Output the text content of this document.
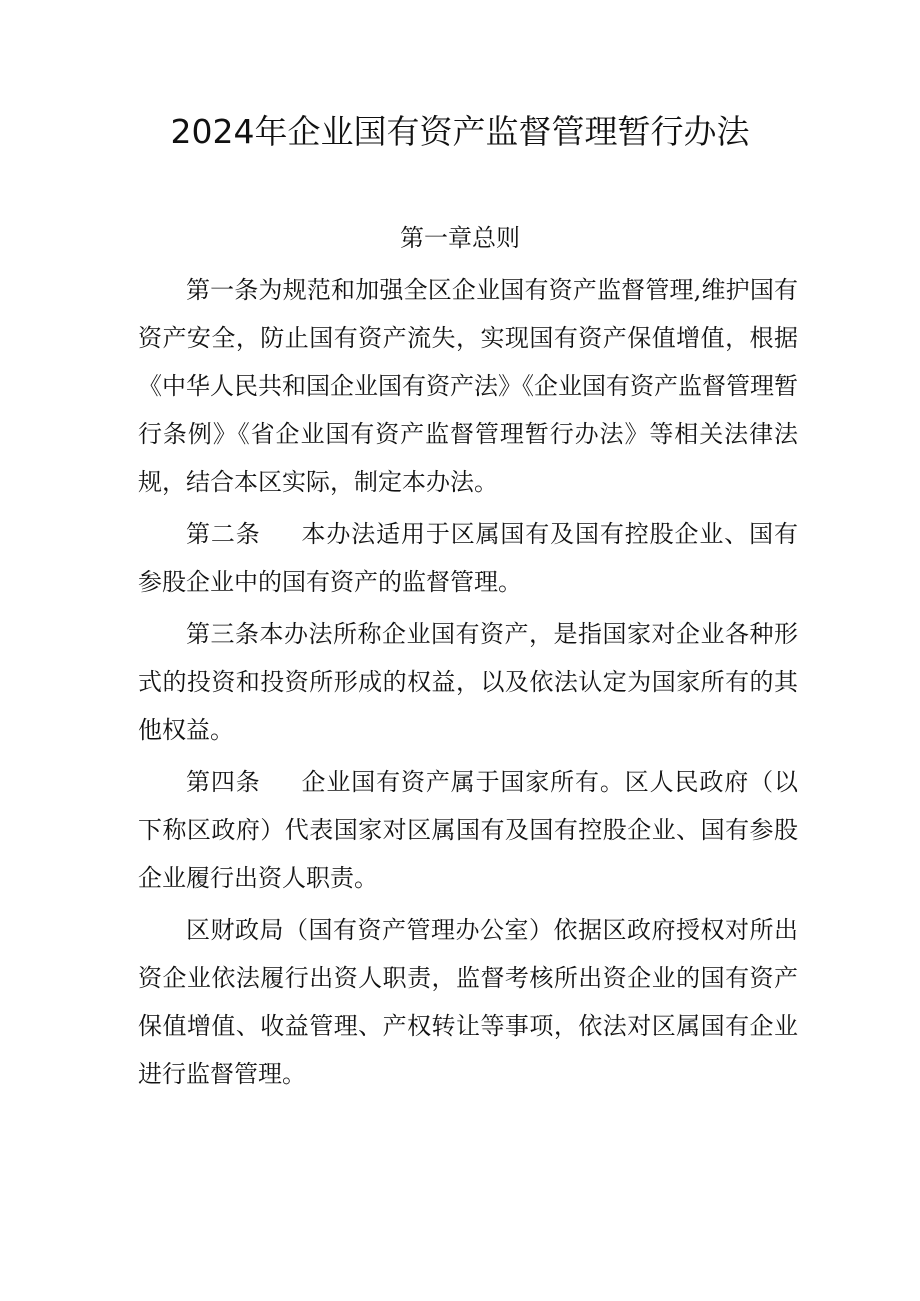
2024年企业国有资产监督管理暂行办法

第一章总则

第一条为规范和加强全区企业国有资产监督管理,维护国有资产安全，防止国有资产流失，实现国有资产保值增值，根据《中华人民共和国企业国有资产法》《企业国有资产监督管理暂行条例》《省企业国有资产监督管理暂行办法》等相关法律法规，结合本区实际，制定本办法。

第二条 本办法适用于区属国有及国有控股企业、国有参股企业中的国有资产的监督管理。

第三条本办法所称企业国有资产，是指国家对企业各种形式的投资和投资所形成的权益，以及依法认定为国家所有的其他权益。

第四条 企业国有资产属于国家所有。区人民政府（以下称区政府）代表国家对区属国有及国有控股企业、国有参股企业履行出资人职责。

区财政局（国有资产管理办公室）依据区政府授权对所出资企业依法履行出资人职责，监督考核所出资企业的国有资产保值增值、收益管理、产权转让等事项，依法对区属国有企业进行监督管理。
